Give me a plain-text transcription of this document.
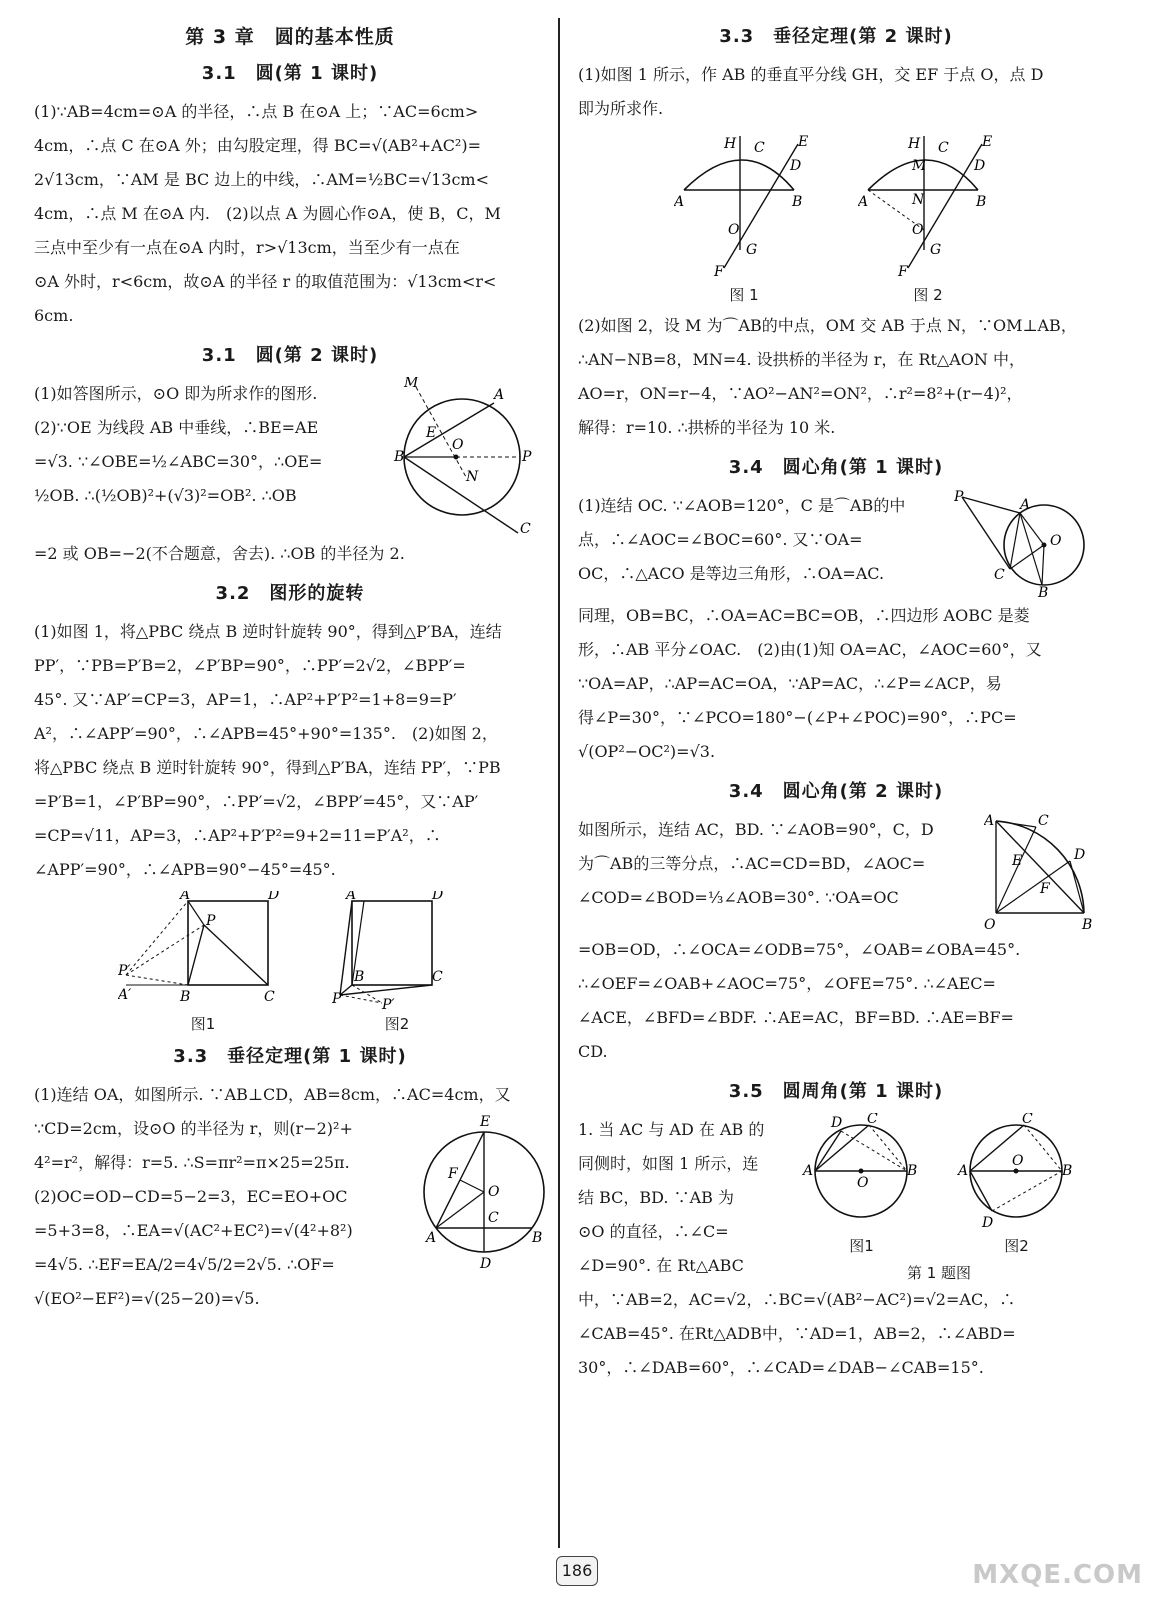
第 3 章　圆的基本性质
3.1　圆(第 1 课时)

(1)∵AB=4cm=⊙A 的半径，∴点 B 在⊙A 上；∵AC=6cm>

4cm，∴点 C 在⊙A 外；由勾股定理，得 BC=√(AB²+AC²)=

2√13cm，∵AM 是 BC 边上的中线，∴AM=½BC=√13cm<

4cm，∴点 M 在⊙A 内.　(2)以点 A 为圆心作⊙A，使 B，C，M

三点中至少有一点在⊙A 内时，r>√13cm，当至少有一点在

⊙A 外时，r<6cm，故⊙A 的半径 r 的取值范围为：√13cm<r<

6cm.

3.1　圆(第 2 课时)

(1)如答图所示，⊙O 即为所求作的图形.

(2)∵OE 为线段 AB 中垂线，∴BE=AE

=√3. ∵∠OBE=½∠ABC=30°，∴OE=

½OB. ∴(½OB)²+(√3)²=OB². ∴OB

B
A
P
C
M
E
O
N

=2 或 OB=−2(不合题意，舍去). ∴OB 的半径为 2.

3.2　图形的旋转

(1)如图 1，将△PBC 绕点 B 逆时针旋转 90°，得到△P′BA，连结

PP′，∵PB=P′B=2，∠P′BP=90°，∴PP′=2√2，∠BPP′=

45°. 又∵AP′=CP=3，AP=1，∴AP²+P′P²=1+8=9=P′

A²，∴∠APP′=90°，∴∠APB=45°+90°=135°.　(2)如图 2，

将△PBC 绕点 B 逆时针旋转 90°，得到△P′BA，连结 PP′，∵PB

=P′B=1，∠P′BP=90°，∴PP′=√2，∠BPP′=45°，又∵AP′

=CP=√11，AP=3，∴AP²+P′P²=9+2=11=P′A²，∴

∠APP′=90°，∴∠APB=90°−45°=45°.

A	D
P
B	C
P′
A′
图1
A	D
B	C
P	P′
图2
3.3　垂径定理(第 1 课时)

(1)连结 OA，如图所示. ∵AB⊥CD，AB=8cm，∴AC=4cm，又

∵CD=2cm，设⊙O 的半径为 r，则(r−2)²+

4²=r²，解得：r=5. ∴S=πr²=π×25=25π.

(2)OC=OD−CD=5−2=3，EC=EO+OC

=5+3=8，∴EA=√(AC²+EC²)=√(4²+8²)

=4√5. ∴EF=EA/2=4√5/2=2√5. ∴OF=

√(EO²−EF²)=√(25−20)=√5.

E
O
F
C
A	B
D
3.3　垂径定理(第 2 课时)

(1)如图 1 所示，作 AB 的垂直平分线 GH，交 EF 于点 O，点 D

即为所求作.

A	B
H C
D
E
O
G
F
图 1
A	B
H
M
N
C
D
E
O
G
F
图 2

(2)如图 2，设 M 为⌒AB的中点，OM 交 AB 于点 N，∵OM⊥AB，

∴AN−NB=8，MN=4. 设拱桥的半径为 r，在 Rt△AON 中，

AO=r，ON=r−4，∵AO²−AN²=ON²，∴r²=8²+(r−4)²，

解得：r=10. ∴拱桥的半径为 10 米.

3.4　圆心角(第 1 课时)

(1)连结 OC. ∵∠AOB=120°，C 是⌒AB的中

点，∴∠AOC=∠BOC=60°. 又∵OA=

OC，∴△ACO 是等边三角形，∴OA=AC.

P	A
O
C
B

同理，OB=BC，∴OA=AC=BC=OB，∴四边形 AOBC 是菱

形，∴AB 平分∠OAC.　(2)由(1)知 OA=AC，∠AOC=60°，又

∵OA=AP，∴AP=AC=OA，∵AP=AC，∴∠P=∠ACP，易

得∠P=30°，∵∠PCO=180°−(∠P+∠POC)=90°，∴PC=

√(OP²−OC²)=√3.

3.4　圆心角(第 2 课时)

如图所示，连结 AC，BD. ∵∠AOB=90°，C，D

为⌒AB的三等分点，∴AC=CD=BD，∠AOC=

∠COD=∠BOD=⅓∠AOB=30°. ∵OA=OC

A	C
D
E
F
O	B

=OB=OD，∴∠OCA=∠ODB=75°，∠OAB=∠OBA=45°.

∴∠OEF=∠OAB+∠AOC=75°，∠OFE=75°. ∴∠AEC=

∠ACE，∠BFD=∠BDF. ∴AE=AC，BF=BD. ∴AE=BF=

CD.

3.5　圆周角(第 1 课时)

1. 当 AC 与 AD 在 AB 的

同侧时，如图 1 所示，连

结 BC，BD. ∵AB 为

⊙O 的直径，∴∠C=

∠D=90°. 在 Rt△ABC

A	B
O
D C
图1
A	B
O
C
D
图2
第 1 题图

中，∵AB=2，AC=√2，∴BC=√(AB²−AC²)=√2=AC，∴

∠CAB=45°. 在Rt△ADB中，∵AD=1，AB=2，∴∠ABD=

30°，∴∠DAB=60°，∴∠CAD=∠DAB−∠CAB=15°.

186	MXQE.COM
